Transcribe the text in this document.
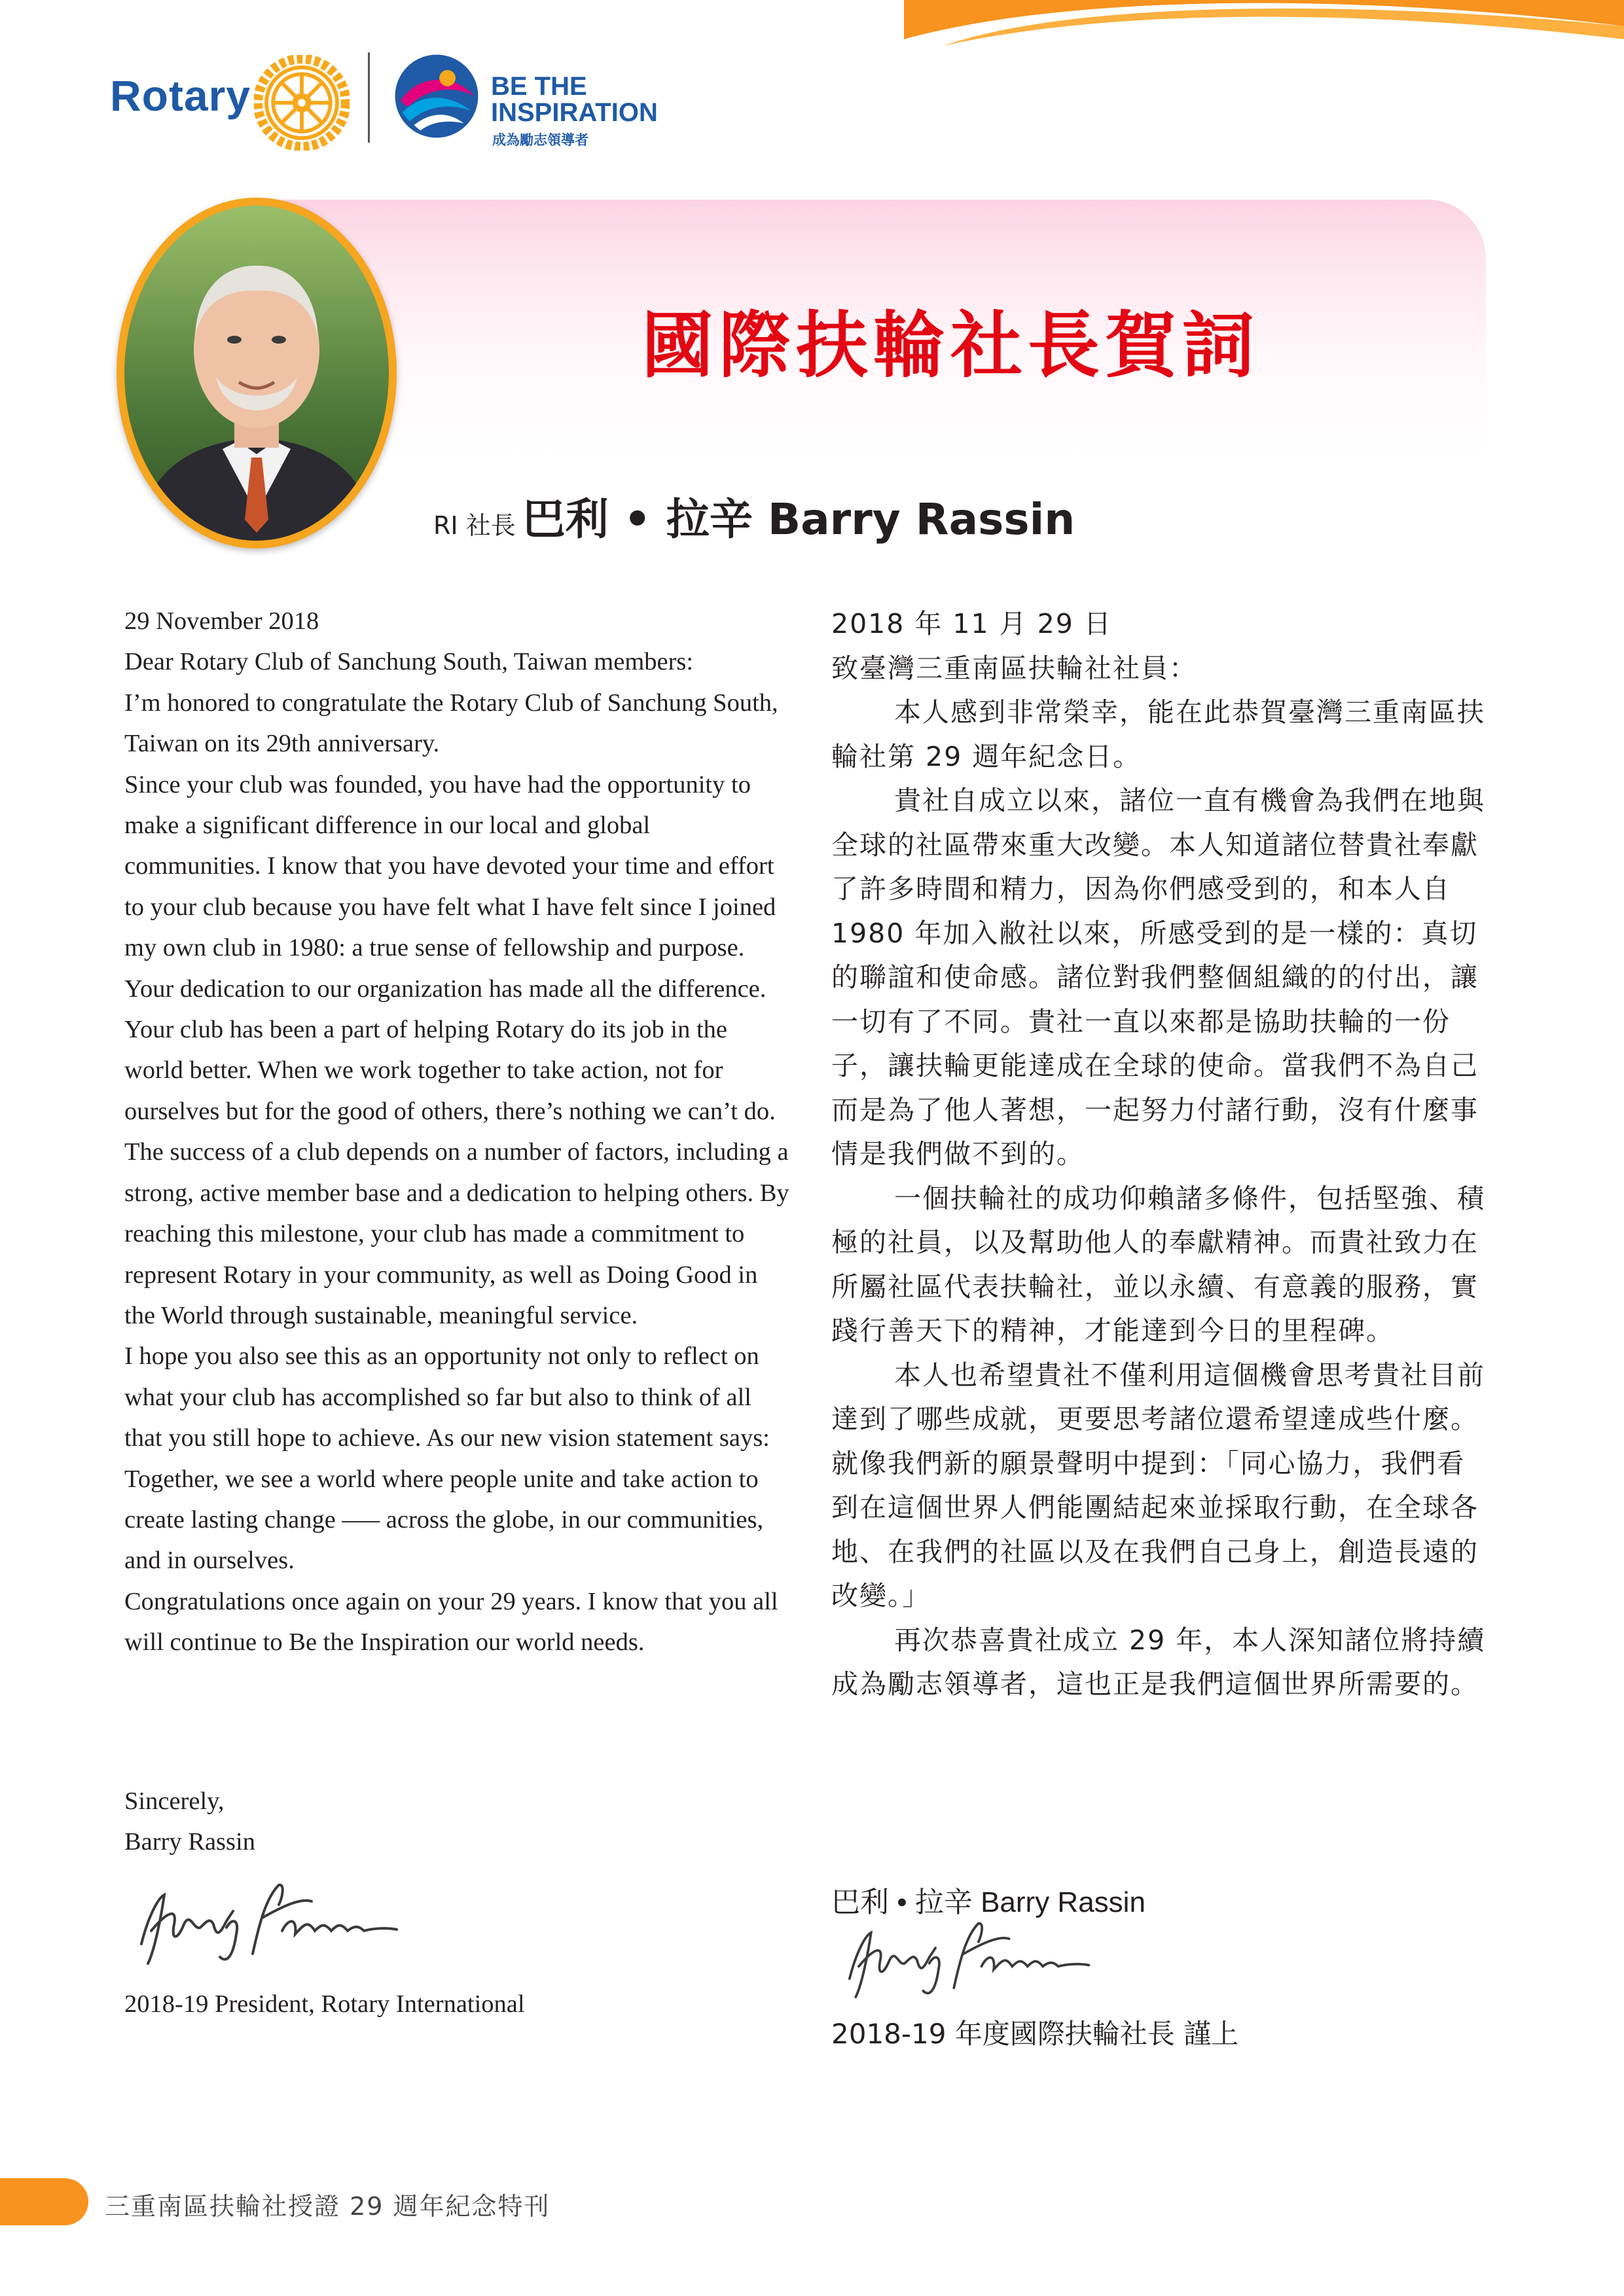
Rotary	BE THE
INSPIRATION
成為勵志領導者
國際扶輪社長賀詞
RI 社長 巴利 • 拉辛 Barry Rassin

29 November 2018

Dear Rotary Club of Sanchung South, Taiwan members:

I’m honored to congratulate the Rotary Club of Sanchung South, Taiwan on its 29th anniversary.

Since your club was founded, you have had the opportunity to make a significant difference in our local and global communities. I know that you have devoted your time and effort to your club because you have felt what I have felt since I joined my own club in 1980: a true sense of fellowship and purpose. Your dedication to our organization has made all the difference. Your club has been a part of helping Rotary do its job in the world better. When we work together to take action, not for ourselves but for the good of others, there’s nothing we can’t do.

The success of a club depends on a number of factors, including a strong, active member base and a dedication to helping others. By reaching this milestone, your club has made a commitment to represent Rotary in your community, as well as Doing Good in the World through sustainable, meaningful service.

I hope you also see this as an opportunity not only to reflect on what your club has accomplished so far but also to think of all that you still hope to achieve. As our new vision statement says: Together, we see a world where people unite and take action to create lasting change —– across the globe, in our communities, and in ourselves.

Congratulations once again on your 29 years. I know that you all will continue to Be the Inspiration our world needs.

Sincerely,
Barry Rassin
2018-19 President, Rotary International

2018 年 11 月 29 日

致臺灣三重南區扶輪社社員：

本人感到非常榮幸，能在此恭賀臺灣三重南區扶輪社第 29 週年紀念日。

貴社自成立以來，諸位一直有機會為我們在地與全球的社區帶來重大改變。本人知道諸位替貴社奉獻了許多時間和精力，因為你們感受到的，和本人自 1980 年加入敝社以來，所感受到的是一樣的：真切的聯誼和使命感。諸位對我們整個組織的的付出，讓一切有了不同。貴社一直以來都是協助扶輪的一份子，讓扶輪更能達成在全球的使命。當我們不為自己而是為了他人著想，一起努力付諸行動，沒有什麼事情是我們做不到的。

一個扶輪社的成功仰賴諸多條件，包括堅強、積極的社員，以及幫助他人的奉獻精神。而貴社致力在所屬社區代表扶輪社，並以永續、有意義的服務，實踐行善天下的精神，才能達到今日的里程碑。

本人也希望貴社不僅利用這個機會思考貴社目前達到了哪些成就，更要思考諸位還希望達成些什麼。就像我們新的願景聲明中提到：「同心協力，我們看到在這個世界人們能團結起來並採取行動，在全球各地、在我們的社區以及在我們自己身上，創造長遠的改變。」

再次恭喜貴社成立 29 年，本人深知諸位將持續成為勵志領導者，這也正是我們這個世界所需要的。

巴利 • 拉辛 Barry Rassin
2018-19 年度國際扶輪社長 謹上
三重南區扶輪社授證 29 週年紀念特刊
